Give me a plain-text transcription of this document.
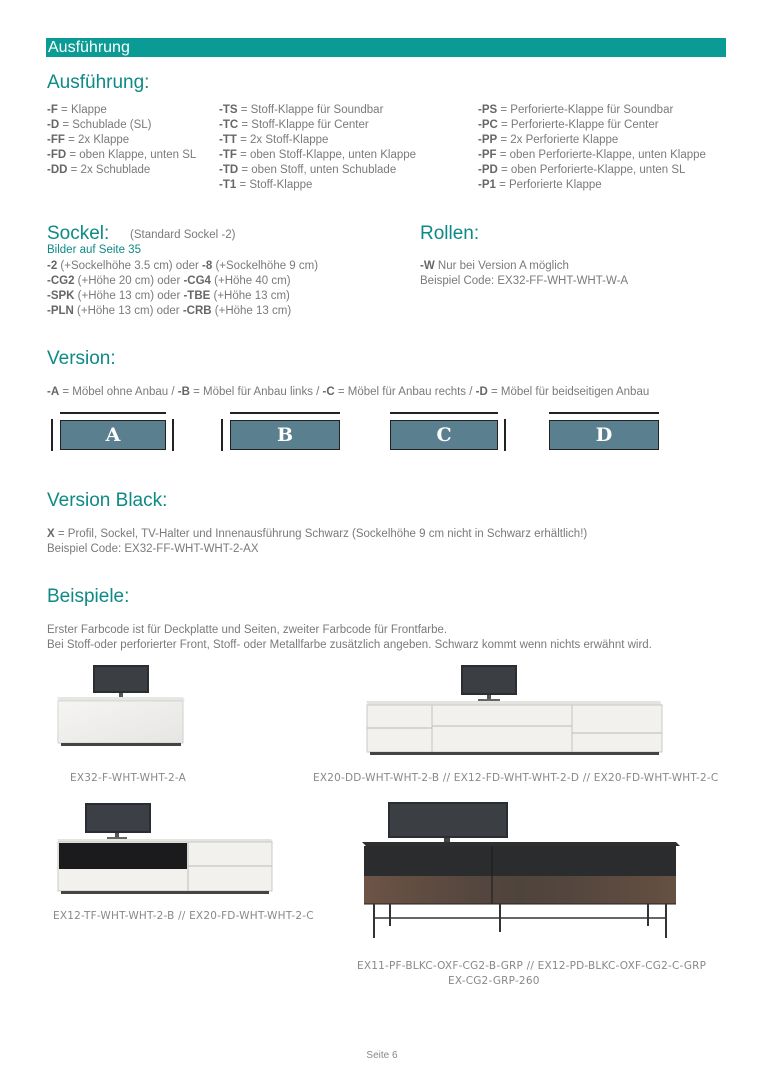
Ausführung
Ausführung:
-F = Klappe
-D = Schublade (SL)
-FF = 2x Klappe
-FD = oben Klappe, unten SL
-DD = 2x Schublade
-TS = Stoff-Klappe für Soundbar
-TC = Stoff-Klappe für Center
-TT = 2x Stoff-Klappe
-TF = oben Stoff-Klappe, unten Klappe
-TD = oben Stoff, unten Schublade
-T1 = Stoff-Klappe
-PS = Perforierte-Klappe für Soundbar
-PC = Perforierte-Klappe für Center
-PP = 2x Perforierte Klappe
-PF = oben Perforierte-Klappe, unten Klappe
-PD = oben Perforierte-Klappe, unten SL
-P1 = Perforierte Klappe
Sockel: (Standard Sockel -2)
Bilder auf Seite 35
-2 (+Sockelhöhe 3.5 cm) oder -8 (+Sockelhöhe 9 cm)
-CG2 (+Höhe 20 cm) oder -CG4 (+Höhe 40 cm)
-SPK (+Höhe 13 cm) oder -TBE (+Höhe 13 cm)
-PLN (+Höhe 13 cm) oder -CRB (+Höhe 13 cm)
Rollen:
-W Nur bei Version A möglich
Beispiel Code: EX32-FF-WHT-WHT-W-A
Version:
-A = Möbel ohne Anbau / -B = Möbel für Anbau links / -C = Möbel für Anbau rechts / -D = Möbel für beidseitigen Anbau
A	B	C	D
Version Black:
X = Profil, Sockel, TV-Halter und Innenausführung Schwarz (Sockelhöhe 9 cm nicht in Schwarz erhältlich!)
Beispiel Code: EX32-FF-WHT-WHT-2-AX
Beispiele:
Erster Farbcode ist für Deckplatte und Seiten, zweiter Farbcode für Frontfarbe.
Bei Stoff-oder perforierter Front, Stoff- oder Metallfarbe zusätzlich angeben. Schwarz kommt wenn nichts erwähnt wird.
EX32-F-WHT-WHT-2-A	EX20-DD-WHT-WHT-2-B // EX12-FD-WHT-WHT-2-D // EX20-FD-WHT-WHT-2-C
EX12-TF-WHT-WHT-2-B // EX20-FD-WHT-WHT-2-C
EX11-PF-BLKC-OXF-CG2-B-GRP // EX12-PD-BLKC-OXF-CG2-C-GRP
EX-CG2-GRP-260
Seite 6
